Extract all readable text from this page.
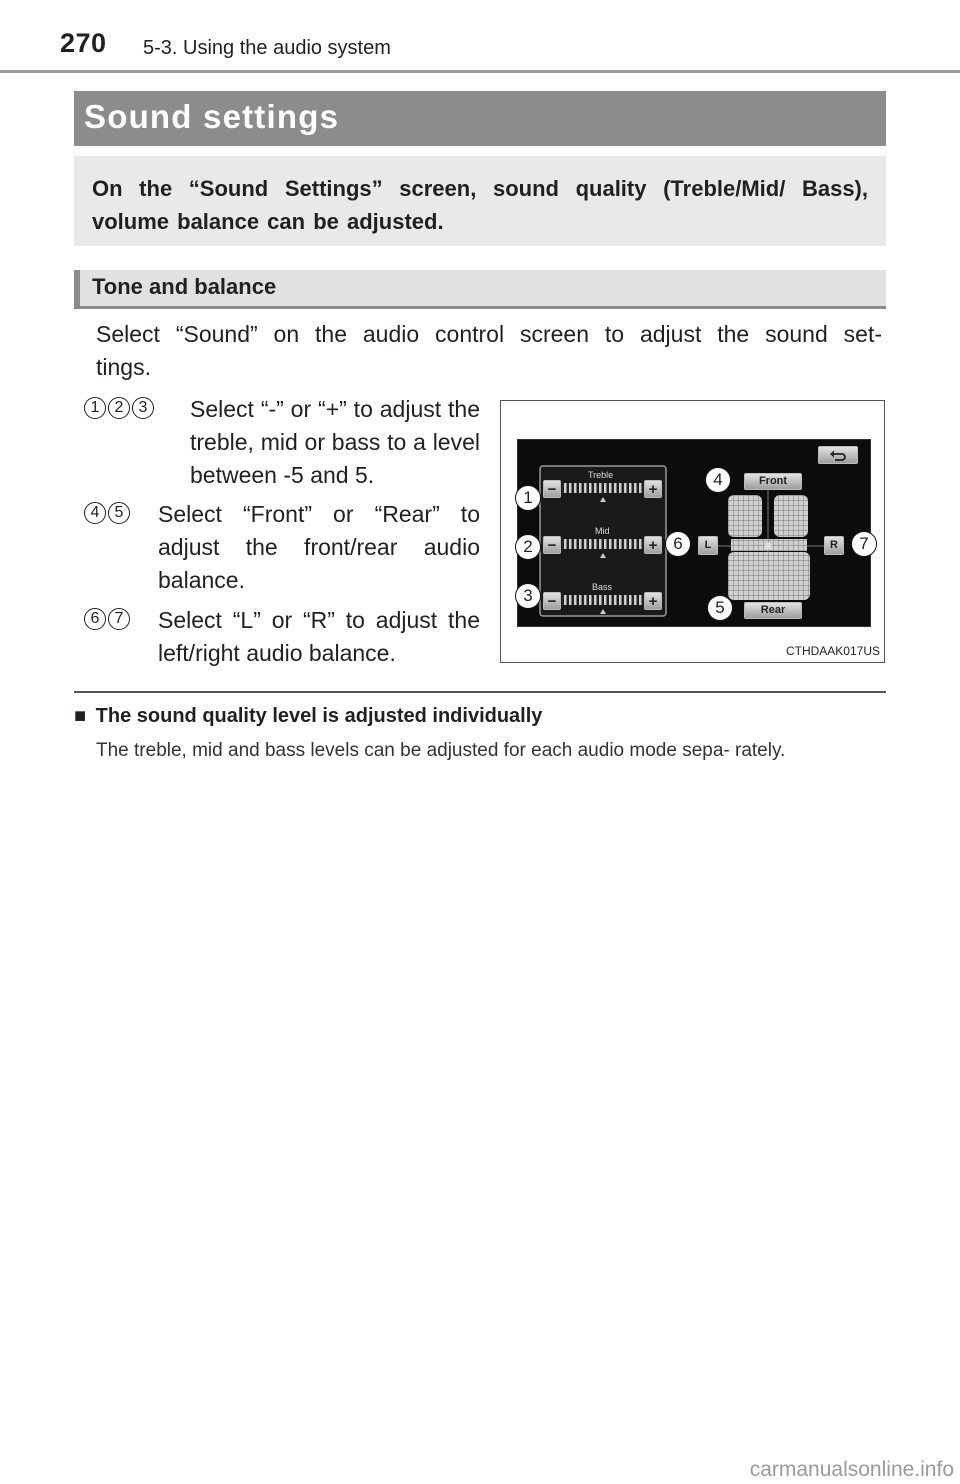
270 5-3. Using the audio system
Sound settings
On the “Sound Settings” screen, sound quality (Treble/Mid/ Bass), volume balance can be adjusted.
Tone and balance
Select “Sound” on the audio control screen to adjust the sound set- tings.
1 2 3 Select “-” or “+” to adjust the treble, mid or bass to a level between -5 and 5.
4 5 Select “Front” or “Rear” to adjust the front/rear audio balance.
6 7 Select “L” or “R” to adjust the left/right audio balance.
Treble
Mid
Bass
−	+
−	+
−	+
Front
Rear
L	R
1
2
3
4
5
6	7
CTHDAAK017US
■ The sound quality level is adjusted individually
The treble, mid and bass levels can be adjusted for each audio mode sepa- rately.
carmanualsonline.info
